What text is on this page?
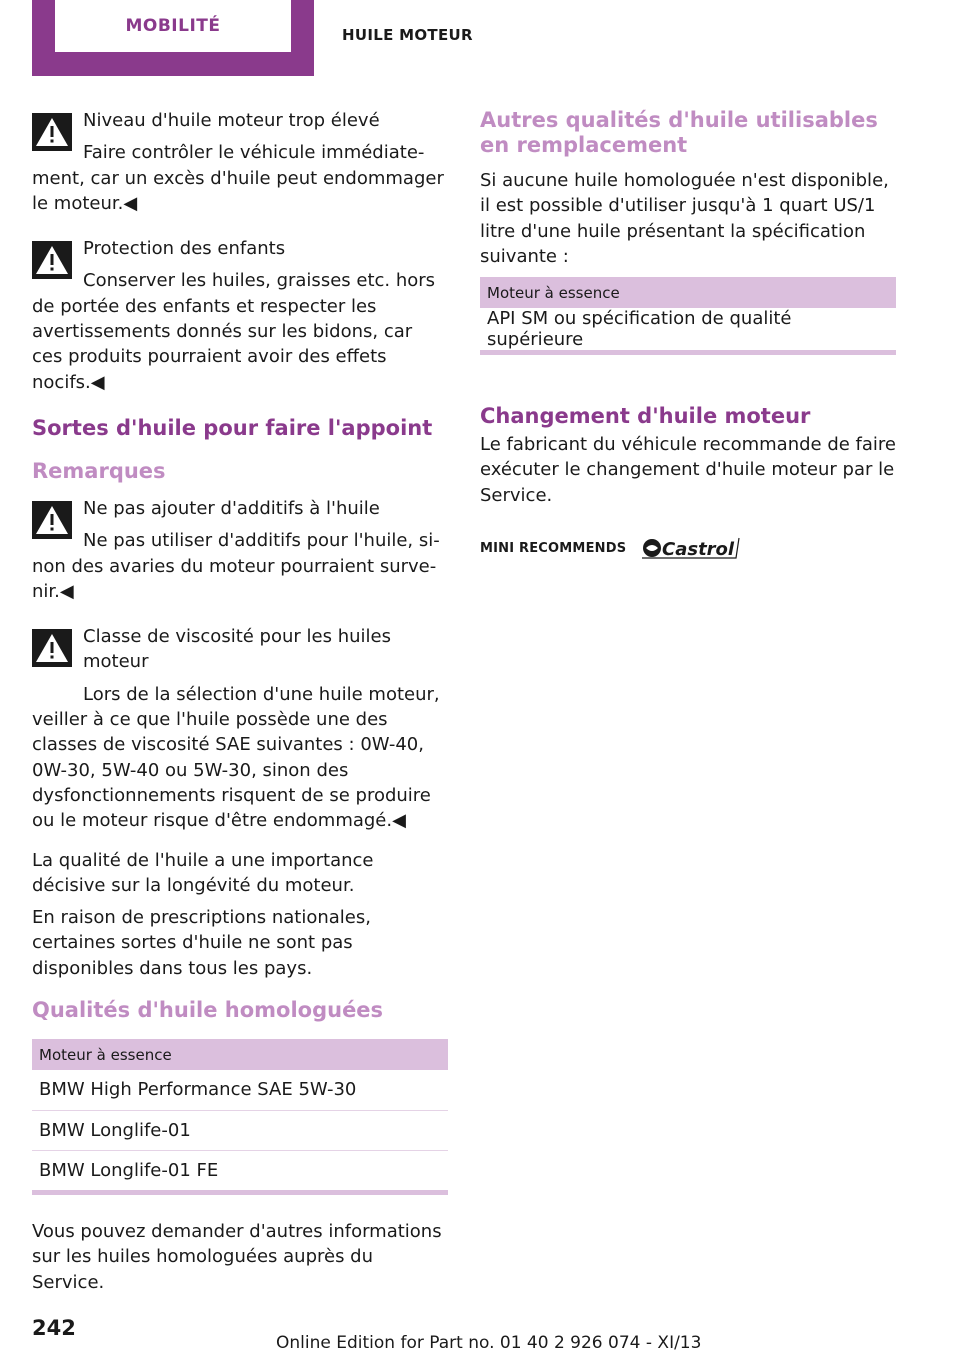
MOBILITÉ	HUILE MOTEUR
Niveau d'huile moteur trop élevé
Faire contrôler le véhicule immédiatement, car un excès d'huile peut endommager le moteur.◀
Protection des enfants
Conserver les huiles, graisses etc. hors de portée des enfants et respecter les avertissements donnés sur les bidons, car ces produits pourraient avoir des effets nocifs.◀
Sortes d'huile pour faire l'appoint
Remarques
Ne pas ajouter d'additifs à l'huile
Ne pas utiliser d'additifs pour l'huile, sinon des avaries du moteur pourraient survenir.◀
Classe de viscosité pour les huiles moteur
Lors de la sélection d'une huile moteur, veiller à ce que l'huile possède une des classes de viscosité SAE suivantes : 0W-40, 0W-30, 5W-40 ou 5W-30, sinon des dysfonctionnements risquent de se produire ou le moteur risque d'être endommagé.◀

La qualité de l'huile a une importance décisive sur la longévité du moteur.

En raison de prescriptions nationales, certaines sortes d'huile ne sont pas disponibles dans tous les pays.

Qualités d'huile homologuées
Moteur à essence
BMW High Performance SAE 5W-30
BMW Longlife-01
BMW Longlife-01 FE

Vous pouvez demander d'autres informations sur les huiles homologuées auprès du Service.

Autres qualités d'huile utilisables en remplacement

Si aucune huile homologuée n'est disponible, il est possible d'utiliser jusqu'à 1 quart US/1 litre d'une huile présentant la spécification suivante :

Moteur à essence
API SM ou spécification de qualité supérieure
Changement d'huile moteur

Le fabricant du véhicule recommande de faire exécuter le changement d'huile moteur par le Service.

MINI RECOMMENDS Castrol
242
Online Edition for Part no. 01 40 2 926 074 - XI/13
